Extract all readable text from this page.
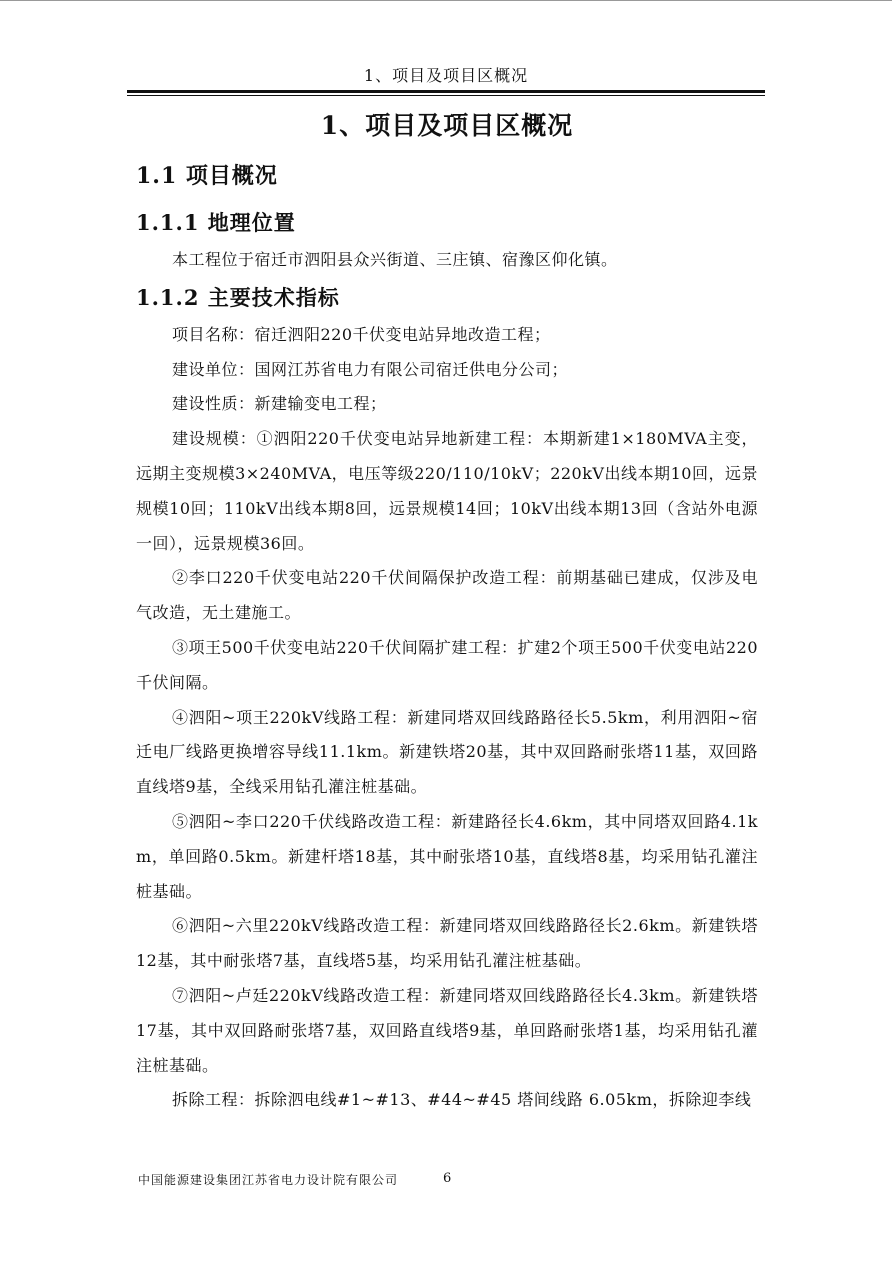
1、项目及项目区概况
1、项目及项目区概况
1.1 项目概况
1.1.1 地理位置

本工程位于宿迁市泗阳县众兴街道、三庄镇、宿豫区仰化镇。

1.1.2 主要技术指标

项目名称：宿迁泗阳220千伏变电站异地改造工程；

建设单位：国网江苏省电力有限公司宿迁供电分公司；

建设性质：新建输变电工程；

建设规模：①泗阳220千伏变电站异地新建工程：本期新建1×180MVA主变，远期主变规模3×240MVA，电压等级220/110/10kV；220kV出线本期10回，远景规模10回；110kV出线本期8回，远景规模14回；10kV出线本期13回（含站外电源一回），远景规模36回。

②李口220千伏变电站220千伏间隔保护改造工程：前期基础已建成，仅涉及电气改造，无土建施工。

③项王500千伏变电站220千伏间隔扩建工程：扩建2个项王500千伏变电站220千伏间隔。

④泗阳~项王220kV线路工程：新建同塔双回线路路径长5.5km，利用泗阳~宿迁电厂线路更换增容导线11.1km。新建铁塔20基，其中双回路耐张塔11基，双回路直线塔9基，全线采用钻孔灌注桩基础。

⑤泗阳~李口220千伏线路改造工程：新建路径长4.6km，其中同塔双回路4.1km，单回路0.5km。新建杆塔18基，其中耐张塔10基，直线塔8基，均采用钻孔灌注桩基础。

⑥泗阳~六里220kV线路改造工程：新建同塔双回线路路径长2.6km。新建铁塔12基，其中耐张塔7基，直线塔5基，均采用钻孔灌注桩基础。

⑦泗阳~卢廷220kV线路改造工程：新建同塔双回线路路径长4.3km。新建铁塔17基，其中双回路耐张塔7基，双回路直线塔9基，单回路耐张塔1基，均采用钻孔灌注桩基础。

拆除工程：拆除泗电线#1~#13、#44~#45 塔间线路 6.05km，拆除迎李线

中国能源建设集团江苏省电力设计院有限公司	6
